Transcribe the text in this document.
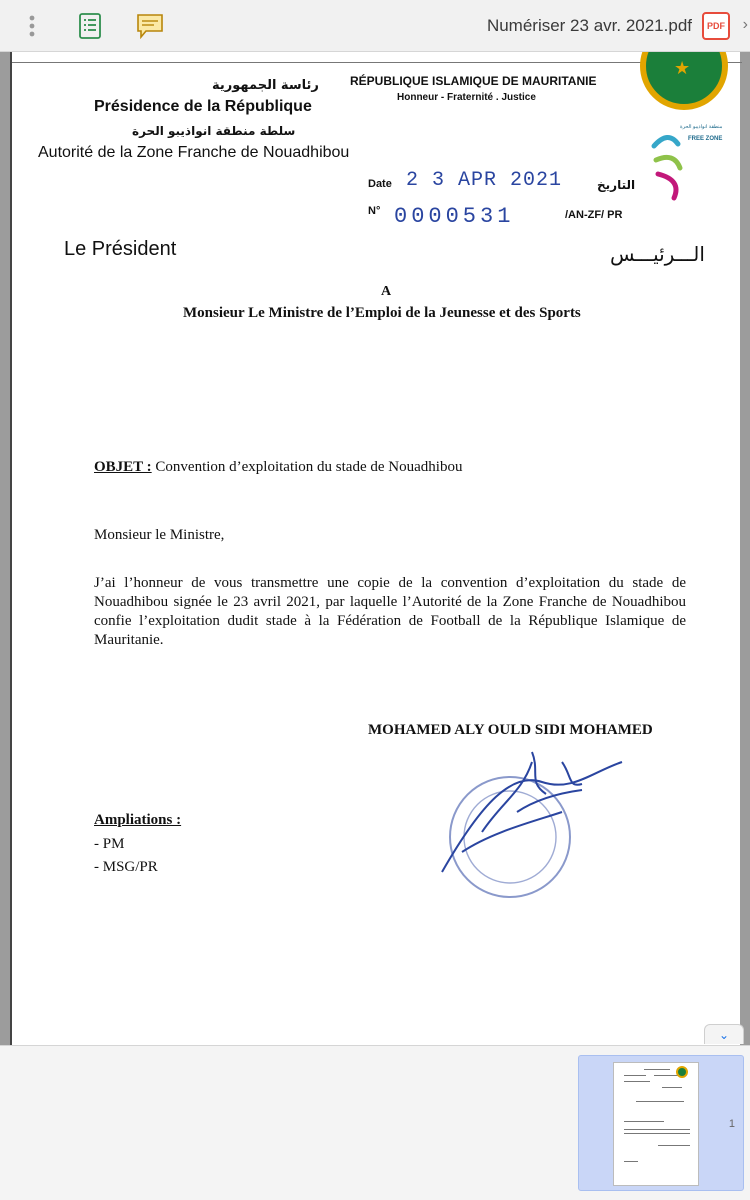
Numériser 23 avr. 2021.pdf	PDF	›
رئاسة الجمهورية
Présidence de la République
سلطة منطقة انواذيبو الحرة
Autorité de la Zone Franche de Nouadhibou
RÉPUBLIQUE ISLAMIQUE DE MAURITANIE
Honneur - Fraternité . Justice
★
منطقة انواذيبو الحرة
FREE ZONE
Date 2 3 APR 2021	التاريخ
N° 0000531	/AN-ZF/ PR
Le Président	الـــرئيـــس
A
Monsieur Le Ministre de l’Emploi de la Jeunesse et des Sports
OBJET : Convention d’exploitation du stade de Nouadhibou
Monsieur le Ministre,
J’ai l’honneur de vous transmettre une copie de la convention d’exploitation du stade de Nouadhibou signée le 23 avril 2021, par laquelle l’Autorité de la Zone Franche de Nouadhibou confie l’exploitation dudit stade à la Fédération de Football de la République Islamique de Mauritanie.
MOHAMED ALY OULD SIDI MOHAMED
Ampliations :
- PM
- MSG/PR
⌄
1
